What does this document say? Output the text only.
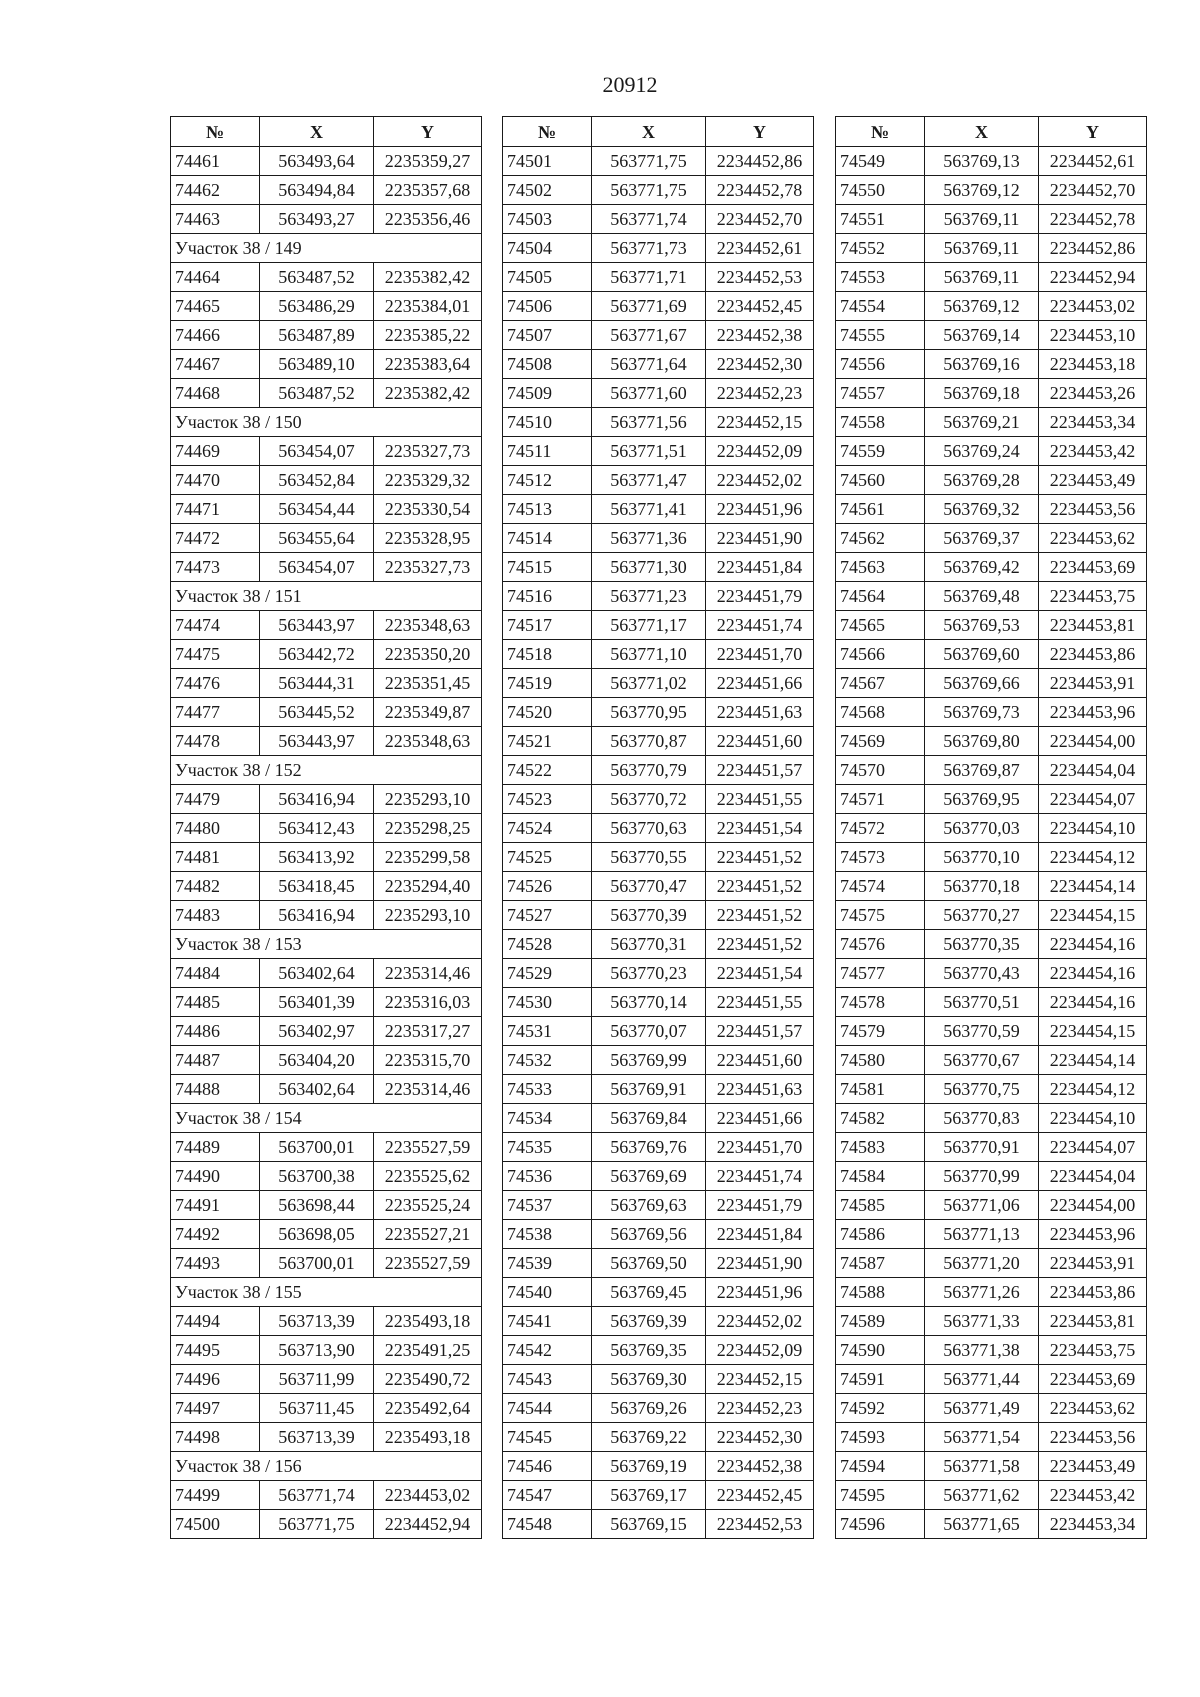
20912
№	X	Y
74461	563493,64	2235359,27
74462	563494,84	2235357,68
74463	563493,27	2235356,46
Участок 38 / 149		
74464	563487,52	2235382,42
74465	563486,29	2235384,01
74466	563487,89	2235385,22
74467	563489,10	2235383,64
74468	563487,52	2235382,42
Участок 38 / 150		
74469	563454,07	2235327,73
74470	563452,84	2235329,32
74471	563454,44	2235330,54
74472	563455,64	2235328,95
74473	563454,07	2235327,73
Участок 38 / 151		
74474	563443,97	2235348,63
74475	563442,72	2235350,20
74476	563444,31	2235351,45
74477	563445,52	2235349,87
74478	563443,97	2235348,63
Участок 38 / 152		
74479	563416,94	2235293,10
74480	563412,43	2235298,25
74481	563413,92	2235299,58
74482	563418,45	2235294,40
74483	563416,94	2235293,10
Участок 38 / 153		
74484	563402,64	2235314,46
74485	563401,39	2235316,03
74486	563402,97	2235317,27
74487	563404,20	2235315,70
74488	563402,64	2235314,46
Участок 38 / 154		
74489	563700,01	2235527,59
74490	563700,38	2235525,62
74491	563698,44	2235525,24
74492	563698,05	2235527,21
74493	563700,01	2235527,59
Участок 38 / 155		
74494	563713,39	2235493,18
74495	563713,90	2235491,25
74496	563711,99	2235490,72
74497	563711,45	2235492,64
74498	563713,39	2235493,18
Участок 38 / 156		
74499	563771,74	2234453,02
74500	563771,75	2234452,94
№	X	Y
74501	563771,75	2234452,86
74502	563771,75	2234452,78
74503	563771,74	2234452,70
74504	563771,73	2234452,61
74505	563771,71	2234452,53
74506	563771,69	2234452,45
74507	563771,67	2234452,38
74508	563771,64	2234452,30
74509	563771,60	2234452,23
74510	563771,56	2234452,15
74511	563771,51	2234452,09
74512	563771,47	2234452,02
74513	563771,41	2234451,96
74514	563771,36	2234451,90
74515	563771,30	2234451,84
74516	563771,23	2234451,79
74517	563771,17	2234451,74
74518	563771,10	2234451,70
74519	563771,02	2234451,66
74520	563770,95	2234451,63
74521	563770,87	2234451,60
74522	563770,79	2234451,57
74523	563770,72	2234451,55
74524	563770,63	2234451,54
74525	563770,55	2234451,52
74526	563770,47	2234451,52
74527	563770,39	2234451,52
74528	563770,31	2234451,52
74529	563770,23	2234451,54
74530	563770,14	2234451,55
74531	563770,07	2234451,57
74532	563769,99	2234451,60
74533	563769,91	2234451,63
74534	563769,84	2234451,66
74535	563769,76	2234451,70
74536	563769,69	2234451,74
74537	563769,63	2234451,79
74538	563769,56	2234451,84
74539	563769,50	2234451,90
74540	563769,45	2234451,96
74541	563769,39	2234452,02
74542	563769,35	2234452,09
74543	563769,30	2234452,15
74544	563769,26	2234452,23
74545	563769,22	2234452,30
74546	563769,19	2234452,38
74547	563769,17	2234452,45
74548	563769,15	2234452,53
№	X	Y
74549	563769,13	2234452,61
74550	563769,12	2234452,70
74551	563769,11	2234452,78
74552	563769,11	2234452,86
74553	563769,11	2234452,94
74554	563769,12	2234453,02
74555	563769,14	2234453,10
74556	563769,16	2234453,18
74557	563769,18	2234453,26
74558	563769,21	2234453,34
74559	563769,24	2234453,42
74560	563769,28	2234453,49
74561	563769,32	2234453,56
74562	563769,37	2234453,62
74563	563769,42	2234453,69
74564	563769,48	2234453,75
74565	563769,53	2234453,81
74566	563769,60	2234453,86
74567	563769,66	2234453,91
74568	563769,73	2234453,96
74569	563769,80	2234454,00
74570	563769,87	2234454,04
74571	563769,95	2234454,07
74572	563770,03	2234454,10
74573	563770,10	2234454,12
74574	563770,18	2234454,14
74575	563770,27	2234454,15
74576	563770,35	2234454,16
74577	563770,43	2234454,16
74578	563770,51	2234454,16
74579	563770,59	2234454,15
74580	563770,67	2234454,14
74581	563770,75	2234454,12
74582	563770,83	2234454,10
74583	563770,91	2234454,07
74584	563770,99	2234454,04
74585	563771,06	2234454,00
74586	563771,13	2234453,96
74587	563771,20	2234453,91
74588	563771,26	2234453,86
74589	563771,33	2234453,81
74590	563771,38	2234453,75
74591	563771,44	2234453,69
74592	563771,49	2234453,62
74593	563771,54	2234453,56
74594	563771,58	2234453,49
74595	563771,62	2234453,42
74596	563771,65	2234453,34
